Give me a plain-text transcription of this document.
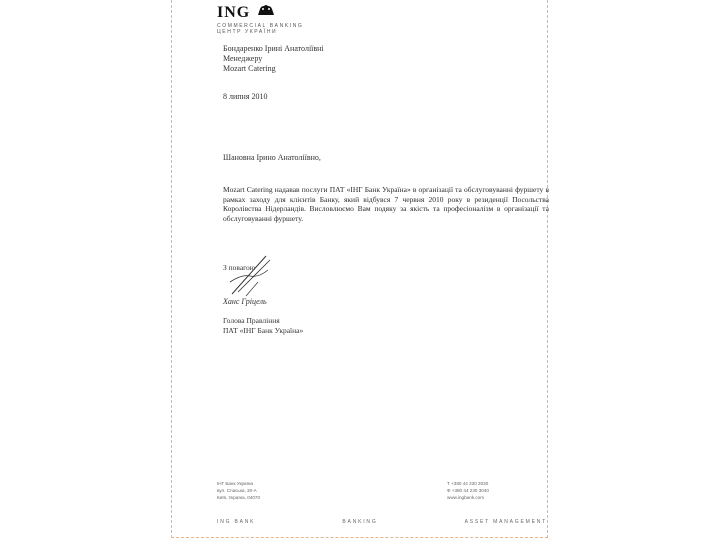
ING
COMMERCIAL BANKING
ЦЕНТР УКРАЇНИ
Бондаренко Ірині Анатоліївні
Менеджеру
Mozart Catering
8 липня 2010
Шановна Ірино Анатоліївно,
Mozart Catering надавав послуги ПАТ «ІНГ Банк Україна» в організації та обслуговуванні фуршету в рамках заходу для клієнтів Банку, який відбувся 7 червня 2010 року в резиденції Посольства Королівства Нідерландів. Висловлюємо Вам подяку за якість та професіоналізм в організації та обслуговуванні фуршету.
З повагою
Ханс Гріцель
Голова Правління
ПАТ «ІНГ Банк Україна»
ІНГ Банк Україна
вул. Спаська, 30-А
Київ, Україна, 04070
Т +380 44 230 3030
Ф +380 44 230 3040
www.ingbank.com
ING BANK	BANKING	ASSET MANAGEMENT
